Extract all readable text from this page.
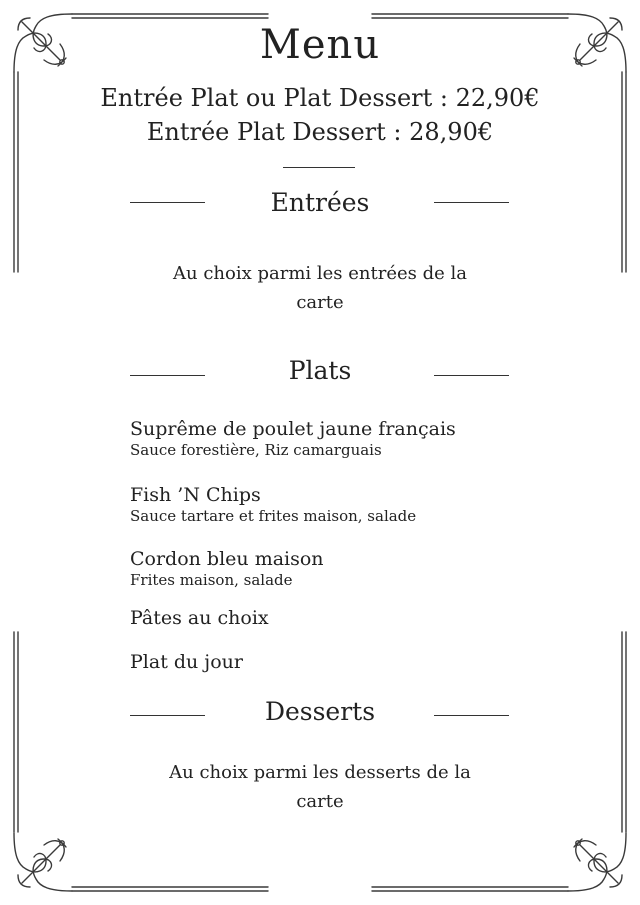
Menu
Entrée Plat ou Plat Dessert : 22,90€
Entrée Plat Dessert : 28,90€
Entrées
Au choix parmi les entrées de la
carte
Plats
Suprême de poulet jaune français
Sauce forestière, Riz camarguais
Fish ’N Chips
Sauce tartare et frites maison, salade
Cordon bleu maison
Frites maison, salade
Pâtes au choix
Plat du jour
Desserts
Au choix parmi les desserts de la
carte
